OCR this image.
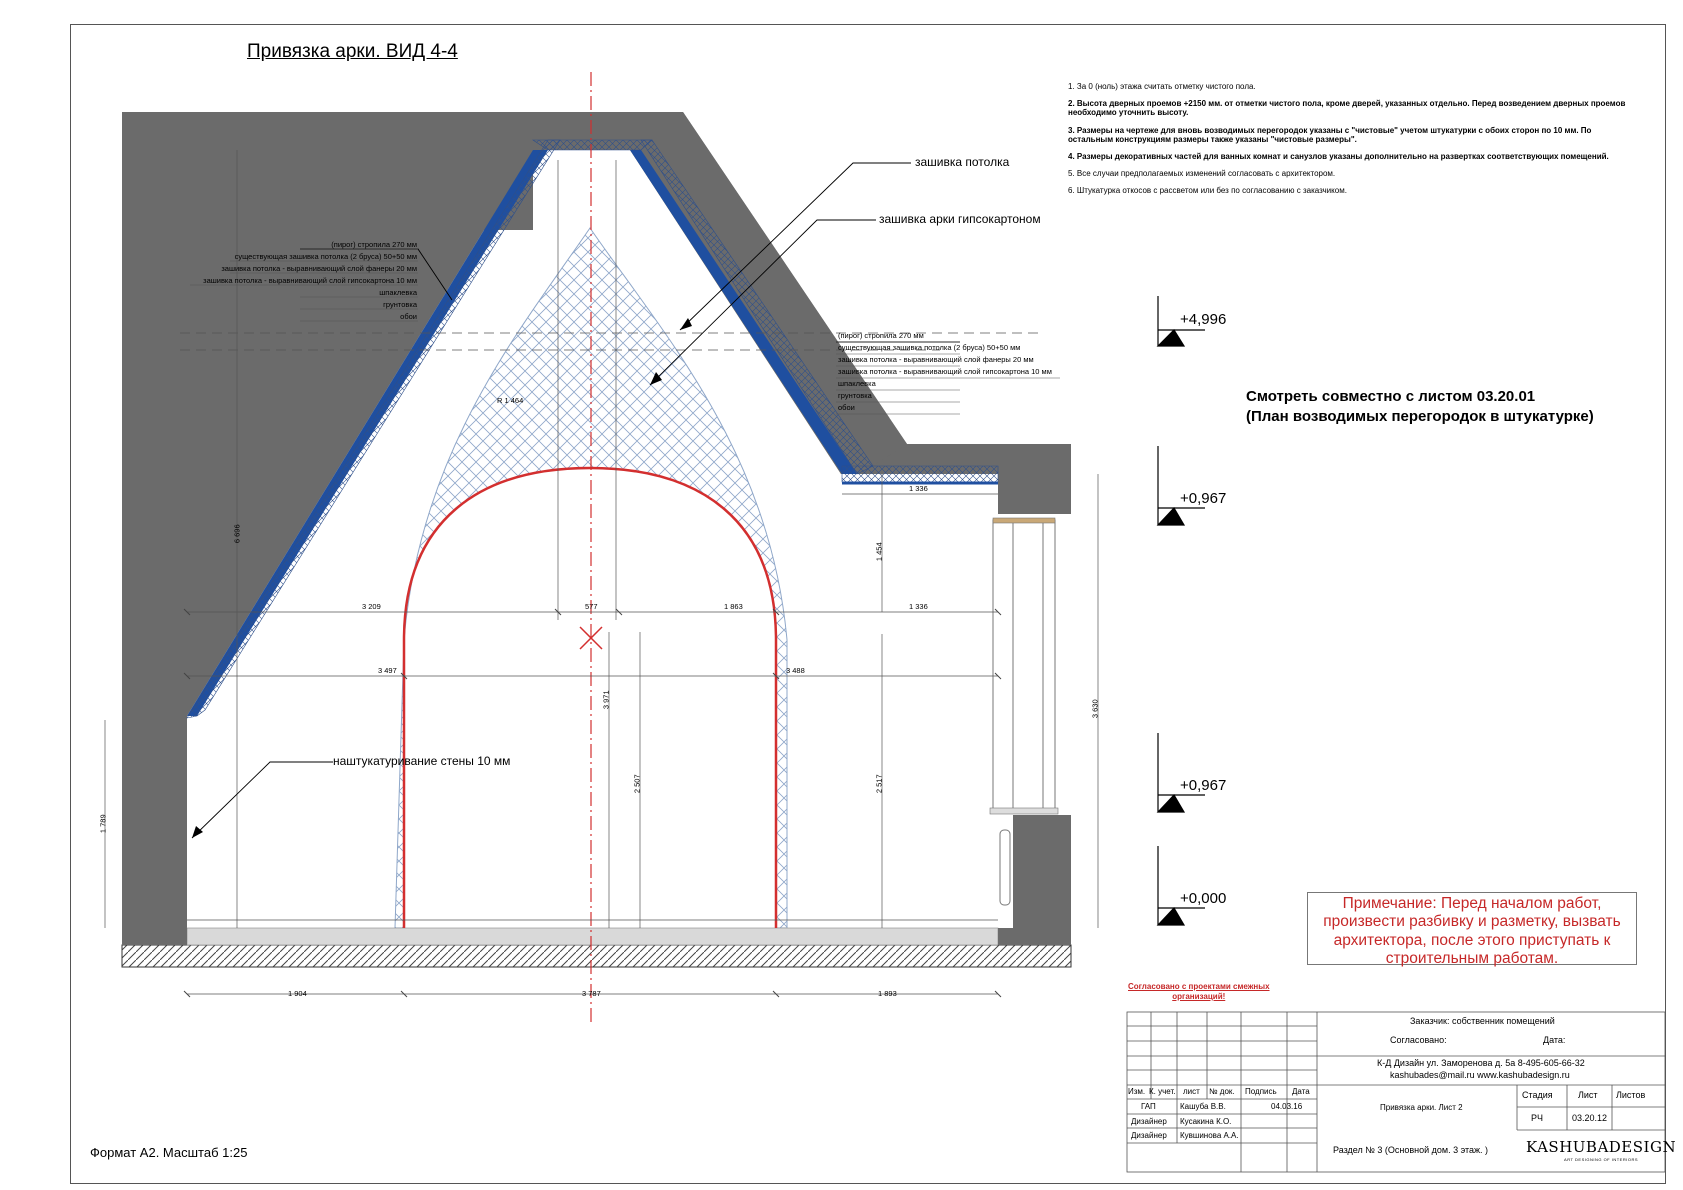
Привязка арки. ВИД 4-4

1. За 0 (ноль) этажа считать отметку чистого пола.

2. Высота дверных проемов +2150 мм. от отметки чистого пола, кроме дверей, указанных отдельно. Перед возведением дверных проемов необходимо уточнить высоту.

3. Размеры на чертеже для вновь возводимых перегородок указаны с "чистовые" учетом штукатурки с обоих сторон по 10 мм. По остальным конструкциям размеры также указаны "чистовые размеры".

4. Размеры декоративных частей для ванных комнат и санузлов указаны дополнительно на развертках соответствующих помещений.

5. Все случаи предполагаемых изменений согласовать с архитектором.

6. Штукатурка откосов с рассветом или без по согласованию с заказчиком.

Смотреть совместно с листом 03.20.01
(План возводимых перегородок в штукатурке)
зашивка потолка
зашивка арки гипсокартоном
наштукатуривание стены 10 мм
(пирог) стропила 270 мм
существующая зашивка потолка (2 бруса) 50+50 мм
зашивка потолка - выравнивающий слой фанеры 20 мм
зашивка потолка - выравнивающий слой гипсокартона 10 мм
шпаклевка
грунтовка
обои
(пирог) стропила 270 мм
существующая зашивка потолка (2 бруса) 50+50 мм
зашивка потолка - выравнивающий слой фанеры 20 мм
зашивка потолка - выравнивающий слой гипсокартона 10 мм
шпаклевка
грунтовка
обои
+4,996
+0,967
+0,967
+0,000
6 696
1 789
3 209	577	1 863
1 336
1 336
3 497	3 488
3 971
2 507	2 517
1 454
3 630
1 904	3 787	1 893
R 1 464
Примечание: Перед началом работ,
произвести разбивку и разметку, вызвать
архитектора, после этого приступать к
строительным работам.
Согласовано с проектами смежных
организаций!
Формат А2. Масштаб 1:25
Заказчик: собственник помещений
Согласовано:	Дата:
К-Д Дизайн ул. Заморенова д. 5а 8-495-605-66-32
kashubades@mail.ru www.kashubadesign.ru
Изм. К. учет. лист № док. Подпись Дата
ГАП	Кашуба В.В.	04.03.16
Дизайнер Кусакина К.О.
Дизайнер Кувшинова А.А.
Привязка арки. Лист 2
Раздел № 3 (Основной дом. 3 этаж. )
Стадия	Лист Листов
РЧ	03.20.12
KASHUBADESIGN
ART DESIGNING OF INTERIORS
